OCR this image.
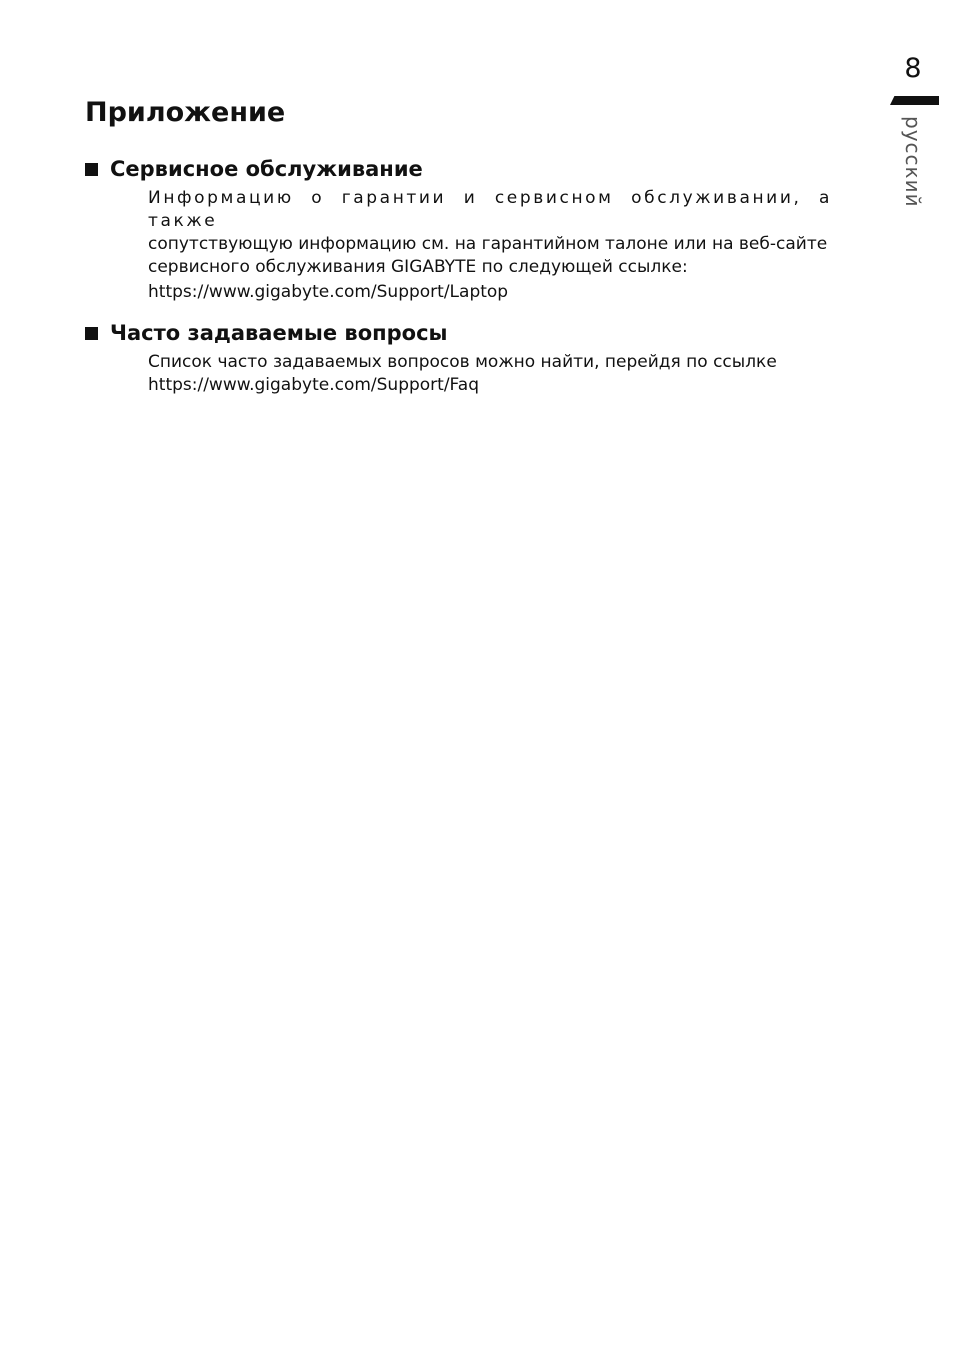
8
русский
Приложение
Сервисное обслуживание

Информацию о гарантии и сервисном обслуживании, а также

сопутствующую информацию см. на гарантийном талоне или на веб-сайте

сервисного обслуживания GIGABYTE по следующей ссылке:

https://www.gigabyte.com/Support/Laptop

Часто задаваемые вопросы

Список часто задаваемых вопросов можно найти, перейдя по ссылке

https://www.gigabyte.com/Support/Faq
